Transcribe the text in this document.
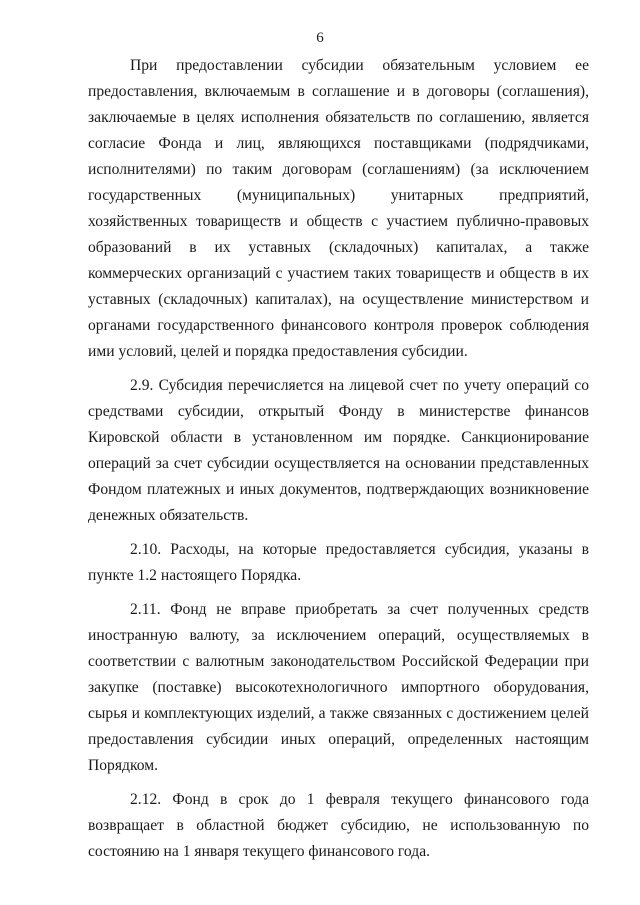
6

При предоставлении субсидии обязательным условием ее предоставления, включаемым в соглашение и в договоры (соглашения), заключаемые в целях исполнения обязательств по соглашению, является согласие Фонда и лиц, являющихся поставщиками (подрядчиками, исполнителями) по таким договорам (соглашениям) (за исключением государственных (муниципальных) унитарных предприятий, хозяйственных товариществ и обществ с участием публично-правовых образований в их уставных (складочных) капиталах, а также коммерческих организаций с участием таких товариществ и обществ в их уставных (складочных) капиталах), на осуществление министерством и органами государственного финансового контроля проверок соблюдения ими условий, целей и порядка предоставления субсидии.

2.9. Субсидия перечисляется на лицевой счет по учету операций со средствами субсидии, открытый Фонду в министерстве финансов Кировской области в установленном им порядке. Санкционирование операций за счет субсидии осуществляется на основании представленных Фондом платежных и иных документов, подтверждающих возникновение денежных обязательств.

2.10. Расходы, на которые предоставляется субсидия, указаны в пункте 1.2 настоящего Порядка.

2.11. Фонд не вправе приобретать за счет полученных средств иностранную валюту, за исключением операций, осуществляемых в соответствии с валютным законодательством Российской Федерации при закупке (поставке) высокотехнологичного импортного оборудования, сырья и комплектующих изделий, а также связанных с достижением целей предоставления субсидии иных операций, определенных настоящим Порядком.

2.12. Фонд в срок до 1 февраля текущего финансового года возвращает в областной бюджет субсидию, не использованную по состоянию на 1 января текущего финансового года.
